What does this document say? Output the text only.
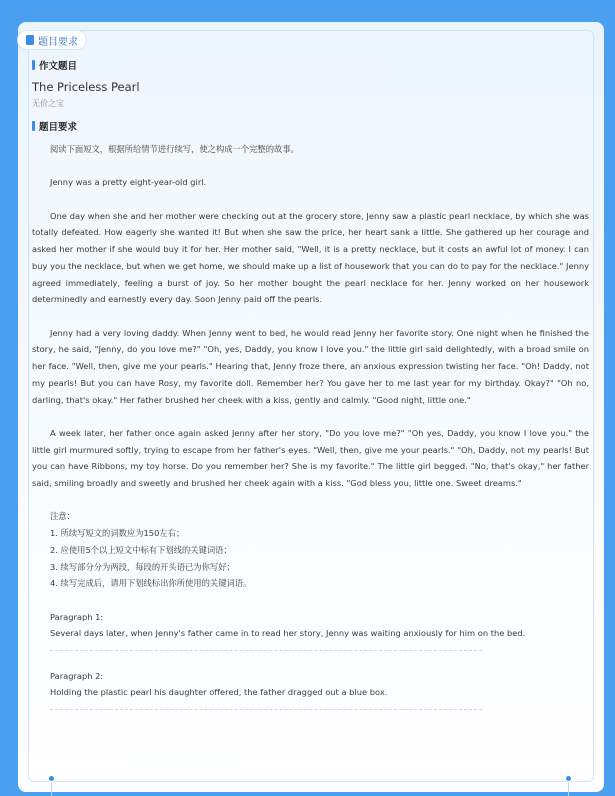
题目要求
作文题目
The Priceless Pearl
无价之宝
题目要求

阅读下面短文，根据所给情节进行续写，使之构成一个完整的故事。

Jenny was a pretty eight-year-old girl.

One day when she and her mother were checking out at the grocery store, Jenny saw a plastic pearl necklace, by which she was totally defeated. How eagerly she wanted it! But when she saw the price, her heart sank a little. She gathered up her courage and asked her mother if she would buy it for her. Her mother said, "Well, it is a pretty necklace, but it costs an awful lot of money. I can buy you the necklace, but when we get home, we should make up a list of housework that you can do to pay for the necklace." Jenny agreed immediately, feeling a burst of joy. So her mother bought the pearl necklace for her. Jenny worked on her housework determinedly and earnestly every day. Soon Jenny paid off the pearls.

Jenny had a very loving daddy. When Jenny went to bed, he would read Jenny her favorite story. One night when he finished the story, he said, "Jenny, do you love me?" "Oh, yes, Daddy, you know I love you." the little girl said delightedly, with a broad smile on her face. "Well, then, give me your pearls." Hearing that, Jenny froze there, an anxious expression twisting her face. "Oh! Daddy, not my pearls! But you can have Rosy, my favorite doll. Remember her? You gave her to me last year for my birthday. Okay?" "Oh no, darling, that's okay." Her father brushed her cheek with a kiss, gently and calmly. "Good night, little one."

A week later, her father once again asked Jenny after her story, "Do you love me?" "Oh yes, Daddy, you know I love you." the little girl murmured softly, trying to escape from her father's eyes. "Well, then, give me your pearls." "Oh, Daddy, not my pearls! But you can have Ribbons, my toy horse. Do you remember her? She is my favorite." The little girl begged. "No, that's okay," her father said, smiling broadly and sweetly and brushed her cheek again with a kiss. "God bless you, little one. Sweet dreams."

注意：

1. 所续写短文的词数应为150左右；

2. 应使用5个以上短文中标有下划线的关键词语；

3. 续写部分分为两段，每段的开头语已为你写好；

4. 续写完成后，请用下划线标出你所使用的关键词语。

Paragraph 1:

Several days later, when Jenny's father came in to read her story, Jenny was waiting anxiously for him on the bed.

Paragraph 2:

Holding the plastic pearl his daughter offered, the father dragged out a blue box.
